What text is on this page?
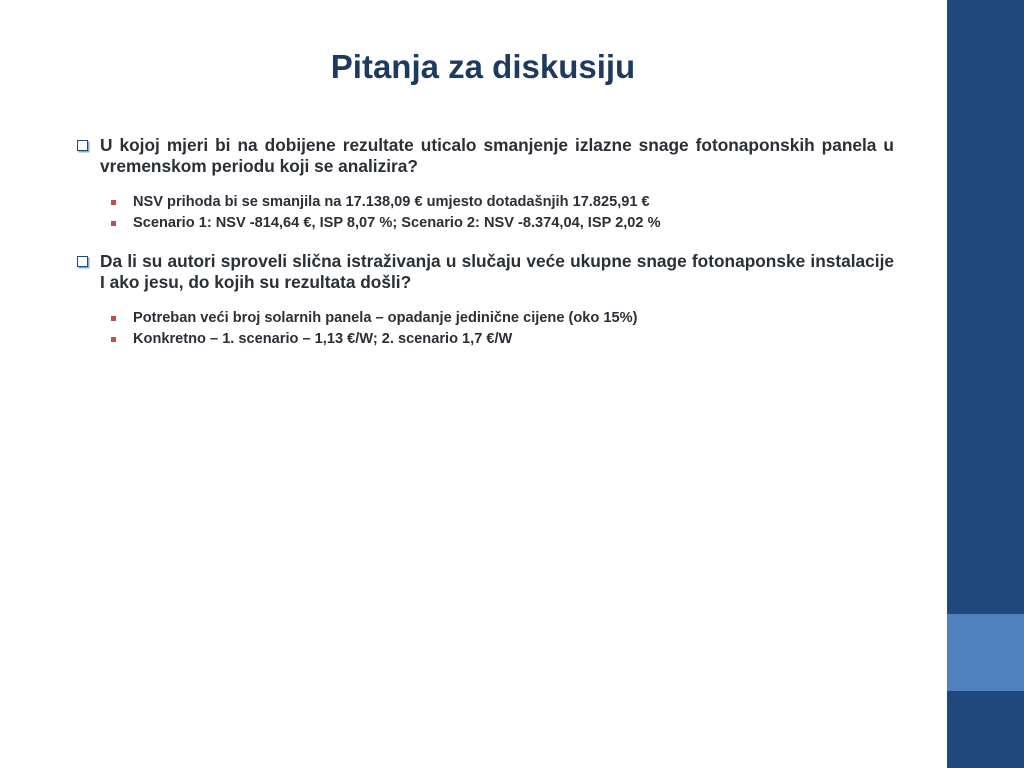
Pitanja za diskusiju
U kojoj mjeri bi na dobijene rezultate uticalo smanjenje izlazne snage fotonaponskih panela u vremenskom periodu koji se analizira?
NSV prihoda bi se smanjila na 17.138,09 € umjesto dotadašnjih 17.825,91 €
Scenario 1: NSV -814,64 €, ISP 8,07 %; Scenario 2: NSV -8.374,04, ISP 2,02 %
Da li su autori sproveli slična istraživanja u slučaju veće ukupne snage fotonaponske instalacije I ako jesu, do kojih su rezultata došli?
Potreban veći broj solarnih panela – opadanje jedinične cijene (oko 15%)
Konkretno – 1. scenario – 1,13 €/W; 2. scenario 1,7 €/W
